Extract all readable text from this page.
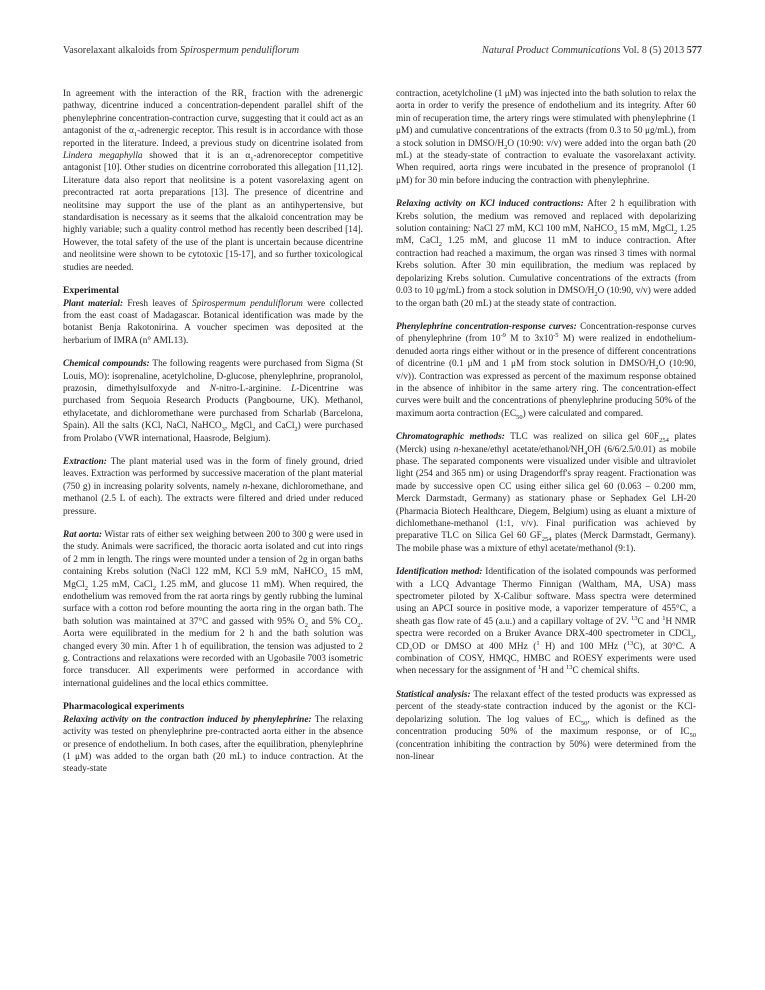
Vasorelaxant alkaloids from Spirospermum penduliflorum	Natural Product Communications Vol. 8 (5) 2013 577

In agreement with the interaction of the $RR_1$ fraction with the adrenergic pathway, dicentrine induced a concentration-dependent parallel shift of the phenylephrine concentration-contraction curve, suggesting that it could act as an antagonist of the $\alpha_1$-adrenergic receptor. This result is in accordance with those reported in the literature. Indeed, a previous study on dicentrine isolated from Lindera megaphylla showed that it is an $\alpha_1$-adrenoreceptor competitive antagonist [10]. Other studies on dicentrine corroborated this allegation [11,12]. Literature data also report that neolitsine is a potent vasorelaxing agent on precontracted rat aorta preparations [13]. The presence of dicentrine and neolitsine may support the use of the plant as an antihypertensive, but standardisation is necessary as it seems that the alkaloid concentration may be highly variable; such a quality control method has recently been described [14]. However, the total safety of the use of the plant is uncertain because dicentrine and neolitsine were shown to be cytotoxic [15-17], and so further toxicological studies are needed.

Experimental

Plant material: Fresh leaves of Spirospermum penduliflorum were collected from the east coast of Madagascar. Botanical identification was made by the botanist Benja Rakotonirina. A voucher specimen was deposited at the herbarium of IMRA (n° AML13).

Chemical compounds: The following reagents were purchased from Sigma (St Louis, MO): isoprenaline, acetylcholine, D-glucose, phenylephrine, propranolol, prazosin, dimethylsulfoxyde and N-nitro-L-arginine. L-Dicentrine was purchased from Sequoia Research Products (Pangbourne, UK). Methanol, ethylacetate, and dichloromethane were purchased from Scharlab (Barcelona, Spain). All the salts (KCl, NaCl, NaHCO$_3$, MgCl$_2$ and CaCl$_2$) were purchased from Prolabo (VWR international, Haasrode, Belgium).

Extraction: The plant material used was in the form of finely ground, dried leaves. Extraction was performed by successive maceration of the plant material (750 g) in increasing polarity solvents, namely n-hexane, dichloromethane, and methanol (2.5 L of each). The extracts were filtered and dried under reduced pressure.

Rat aorta: Wistar rats of either sex weighing between 200 to 300 g were used in the study. Animals were sacrificed, the thoracic aorta isolated and cut into rings of 2 mm in length. The rings were mounted under a tension of 2g in organ baths containing Krebs solution (NaCl 122 mM, KCl 5.9 mM, NaHCO$_3$ 15 mM, MgCl$_2$ 1.25 mM, CaCl$_2$ 1.25 mM, and glucose 11 mM). When required, the endothelium was removed from the rat aorta rings by gently rubbing the luminal surface with a cotton rod before mounting the aorta ring in the organ bath. The bath solution was maintained at 37°C and gassed with 95% $O_2$ and 5% $CO_2$. Aorta were equilibrated in the medium for 2 h and the bath solution was changed every 30 min. After 1 h of equilibration, the tension was adjusted to 2 g. Contractions and relaxations were recorded with an Ugobasile 7003 isometric force transducer. All experiments were performed in accordance with international guidelines and the local ethics committee.

Pharmacological experiments

Relaxing activity on the contraction induced by phenylephrine: The relaxing activity was tested on phenylephrine pre-contracted aorta either in the absence or presence of endothelium. In both cases, after the equilibration, phenylephrine (1 μM) was added to the organ bath (20 mL) to induce contraction. At the steady-state

contraction, acetylcholine (1 μM) was injected into the bath solution to relax the aorta in order to verify the presence of endothelium and its integrity. After 60 min of recuperation time, the artery rings were stimulated with phenylephrine (1 μM) and cumulative concentrations of the extracts (from 0.3 to 50 μg/mL), from a stock solution in DMSO/$H_2O$ (10:90: v/v) were added into the organ bath (20 mL) at the steady-state of contraction to evaluate the vasorelaxant activity. When required, aorta rings were incubated in the presence of propranolol (1 μM) for 30 min before inducing the contraction with phenylephrine.

Relaxing activity on KCl induced contractions: After 2 h equilibration with Krebs solution, the medium was removed and replaced with depolarizing solution containing: NaCl 27 mM, KCl 100 mM, NaHCO$_3$ 15 mM, MgCl$_2$ 1.25 mM, CaCl$_2$ 1.25 mM, and glucose 11 mM to induce contraction. After contraction had reached a maximum, the organ was rinsed 3 times with normal Krebs solution. After 30 min equilibration, the medium was replaced by depolarizing Krebs solution. Cumulative concentrations of the extracts (from 0.03 to 10 μg/mL) from a stock solution in DMSO/$H_2O$ (10:90, v/v) were added to the organ bath (20 mL) at the steady state of contraction.

Phenylephrine concentration-response curves: Concentration-response curves of phenylephrine (from $10^{-9}$ M to $3x10^{-5}$ M) were realized in endothelium-denuded aorta rings either without or in the presence of different concentrations of dicentrine (0.1 μM and 1 μM from stock solution in DMSO/$H_2O$ (10:90, v/v)). Contraction was expressed as percent of the maximum response obtained in the absence of inhibitor in the same artery ring. The concentration-effect curves were built and the concentrations of phenylephrine producing 50% of the maximum aorta contraction $(EC_{50})$ were calculated and compared.

Chromatographic methods: TLC was realized on silica gel $60F_{254}$ plates (Merck) using n-hexane/ethyl acetate/$ethanol/NH_4OH$ (6/6/2.5/0.01) as mobile phase. The separated components were visualized under visible and ultraviolet light (254 and 365 nm) or using Dragendorff's spray reagent. Fractionation was made by successive open CC using either silica gel 60 (0.063 – 0.200 mm, Merck Darmstadt, Germany) as stationary phase or Sephadex Gel LH-20 (Pharmacia Biotech Healthcare, Diegem, Belgium) using as eluant a mixture of dichlomethane-methanol (1:1, v/v). Final purification was achieved by preparative TLC on Silica Gel 60 $GF_{254}$ plates (Merck Darmstadt, Germany). The mobile phase was a mixture of ethyl acetate/methanol (9:1).

Identification method: Identification of the isolated compounds was performed with a LCQ Advantage Thermo Finnigan (Waltham, MA, USA) mass spectrometer piloted by X-Calibur software. Mass spectra were determined using an APCI source in positive mode, a vaporizer temperature of 455°C, a sheath gas flow rate of 45 (a.u.) and a capillary voltage of 2V. $^{13}$C and $^1$H NMR spectra were recorded on a Bruker Avance DRX-400 spectrometer in CDCl$_3$, $CD_3OD$ or DMSO at 400 MHz ($^1$ H) and 100 MHz ($^{13}$C), at 30°C. A combination of COSY, HMQC, HMBC and ROESY experiments were used when necessary for the assignment of $^1$H and $^{13}$C chemical shifts.

Statistical analysis: The relaxant effect of the tested products was expressed as percent of the steady-state contraction induced by the agonist or the KCl-depolarizing solution. The log values of $EC_{50}$, which is defined as the concentration producing 50% of the maximum response, or of $IC_{50}$ (concentration inhibiting the contraction by 50%) were determined from the non-linear
